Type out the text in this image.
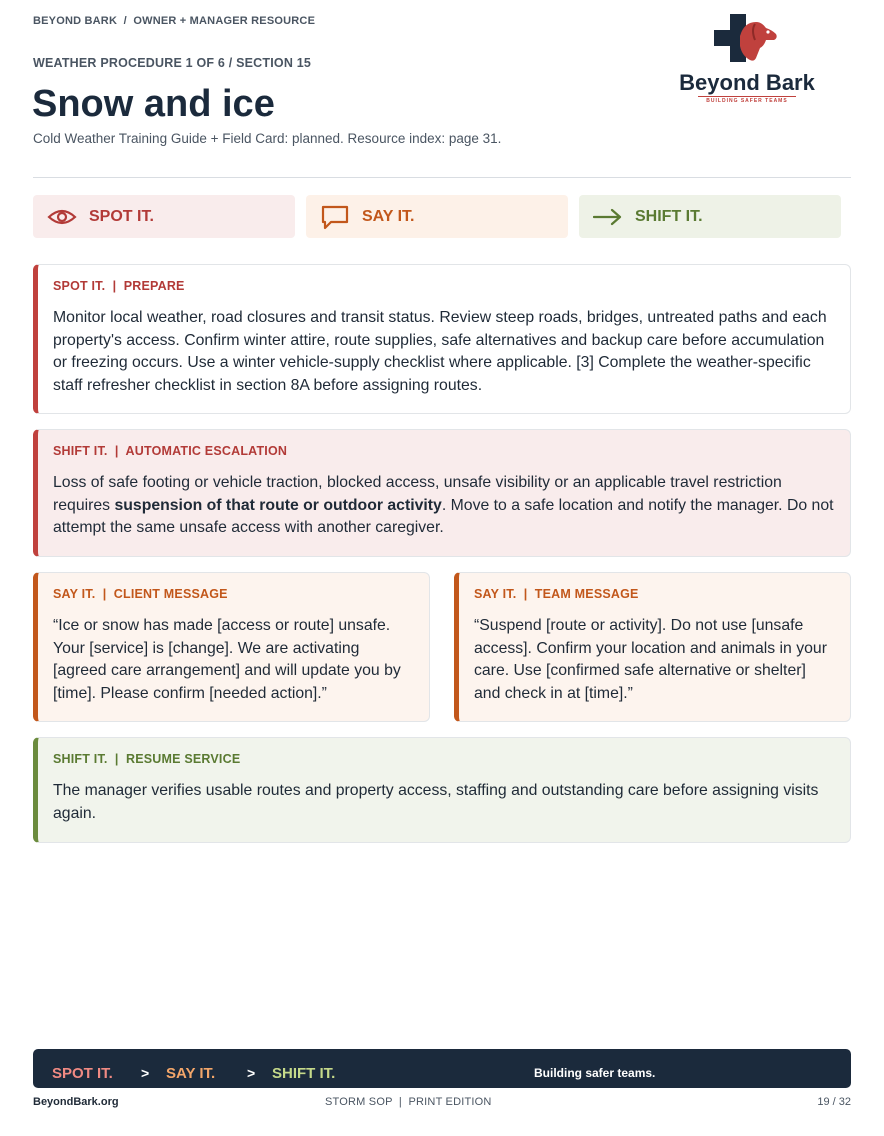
BEYOND BARK  /  OWNER + MANAGER RESOURCE
WEATHER PROCEDURE 1 OF 6 / SECTION 15
Snow and ice
Cold Weather Training Guide + Field Card: planned. Resource index: page 31.
Beyond Bark
BUILDING SAFER TEAMS
SPOT IT.	SAY IT.	SHIFT IT.
SPOT IT.  |  PREPARE

Monitor local weather, road closures and transit status. Review steep roads, bridges, untreated paths and each property's access. Confirm winter attire, route supplies, safe alternatives and backup care before accumulation or freezing occurs. Use a winter vehicle-supply checklist where applicable. [3] Complete the weather-specific staff refresher checklist in section 8A before assigning routes.

SHIFT IT.  |  AUTOMATIC ESCALATION

Loss of safe footing or vehicle traction, blocked access, unsafe visibility or an applicable travel restriction requires suspension of that route or outdoor activity. Move to a safe location and notify the manager. Do not attempt the same unsafe access with another caregiver.

SAY IT.  |  CLIENT MESSAGE

“Ice or snow has made [access or route] unsafe. Your [service] is [change]. We are activating [agreed care arrangement] and will update you by [time]. Please confirm [needed action].”

SAY IT.  |  TEAM MESSAGE

“Suspend [route or activity]. Do not use [unsafe access]. Confirm your location and animals in your care. Use [confirmed safe alternative or shelter] and check in at [time].”

SHIFT IT.  |  RESUME SERVICE

The manager verifies usable routes and property access, staffing and outstanding care before assigning visits again.

SPOT IT. > SAY IT. > SHIFT IT.	Building safer teams.
BeyondBark.org	STORM SOP  |  PRINT EDITION	19 / 32
